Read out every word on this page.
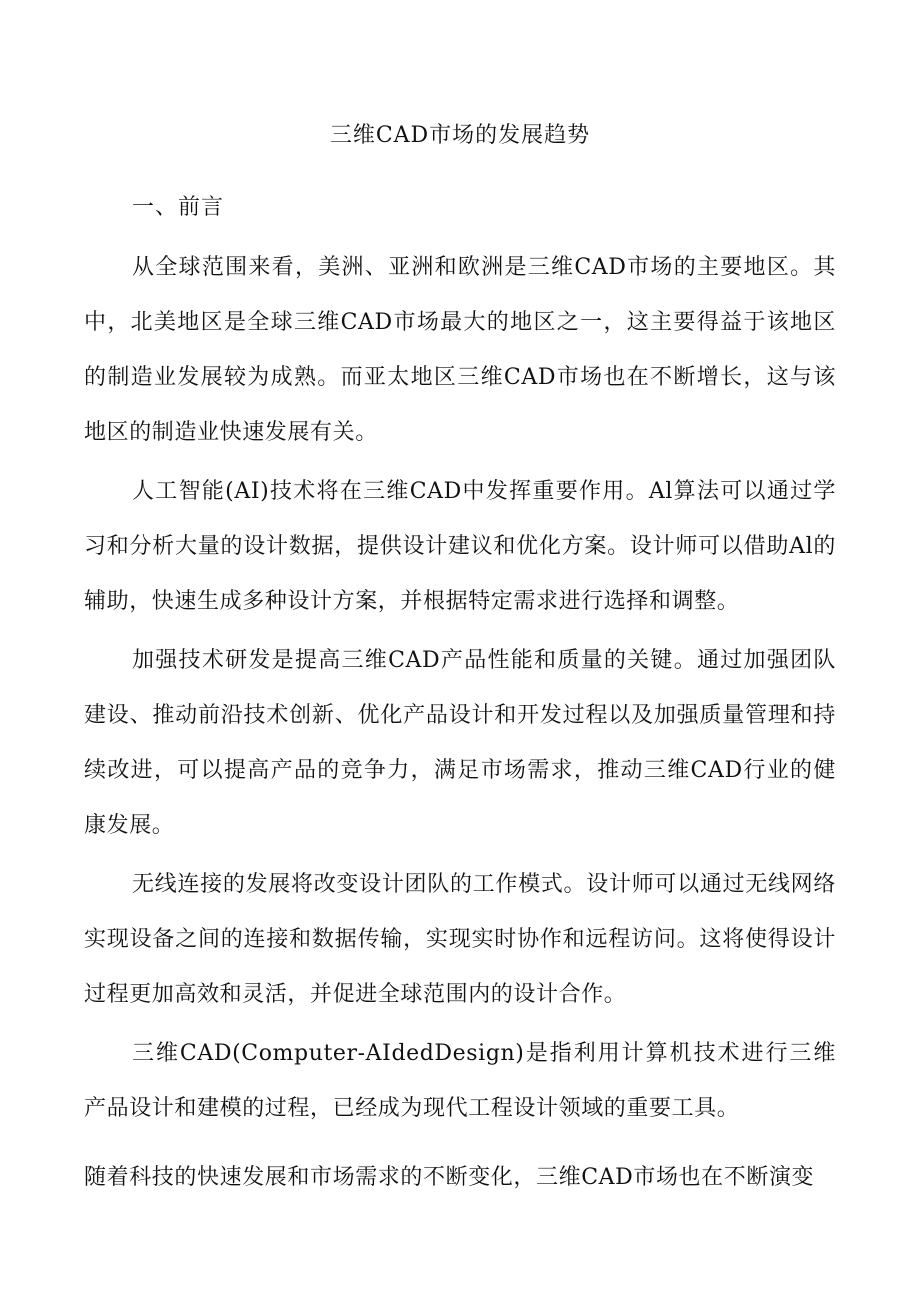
三维CAD市场的发展趋势
一、前言

从全球范围来看，美洲、亚洲和欧洲是三维CAD市场的主要地区。其中，北美地区是全球三维CAD市场最大的地区之一，这主要得益于该地区的制造业发展较为成熟。而亚太地区三维CAD市场也在不断增长，这与该地区的制造业快速发展有关。

人工智能(AI)技术将在三维CAD中发挥重要作用。Al算法可以通过学习和分析大量的设计数据，提供设计建议和优化方案。设计师可以借助Al的辅助，快速生成多种设计方案，并根据特定需求进行选择和调整。

加强技术研发是提高三维CAD产品性能和质量的关键。通过加强团队建设、推动前沿技术创新、优化产品设计和开发过程以及加强质量管理和持续改进，可以提高产品的竞争力，满足市场需求，推动三维CAD行业的健康发展。

无线连接的发展将改变设计团队的工作模式。设计师可以通过无线网络实现设备之间的连接和数据传输，实现实时协作和远程访问。这将使得设计过程更加高效和灵活，并促进全球范围内的设计合作。

三维CAD(Computer-AIdedDesign)是指利用计算机技术进行三维产品设计和建模的过程，已经成为现代工程设计领域的重要工具。

随着科技的快速发展和市场需求的不断变化，三维CAD市场也在不断演变
